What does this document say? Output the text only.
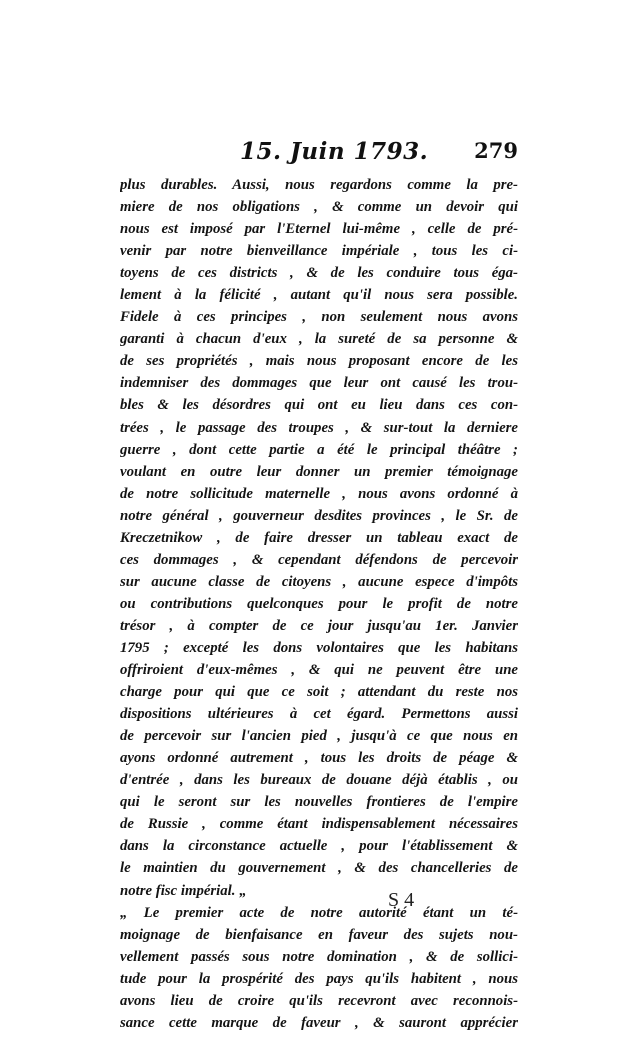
15. Juin 1793. 279
plus durables. Aussi, nous regardons comme la pre-
miere de nos obligations , & comme un devoir qui
nous est imposé par l'Eternel lui-même , celle de pré-
venir par notre bienveillance impériale , tous les ci-
toyens de ces districts , & de les conduire tous éga-
lement à la félicité , autant qu'il nous sera possible.
Fidele à ces principes , non seulement nous avons
garanti à chacun d'eux , la sureté de sa personne &
de ses propriétés , mais nous proposant encore de les
indemniser des dommages que leur ont causé les trou-
bles & les désordres qui ont eu lieu dans ces con-
trées , le passage des troupes , & sur-tout la derniere
guerre , dont cette partie a été le principal théâtre ;
voulant en outre leur donner un premier témoignage
de notre sollicitude maternelle , nous avons ordonné à
notre général , gouverneur desdites provinces , le Sr. de
Kreczetnikow , de faire dresser un tableau exact de
ces dommages , & cependant défendons de percevoir
sur aucune classe de citoyens , aucune espece d'impôts
ou contributions quelconques pour le profit de notre
trésor , à compter de ce jour jusqu'au 1er. Janvier
1795 ; excepté les dons volontaires que les habitans
offriroient d'eux-mêmes , & qui ne peuvent être une
charge pour qui que ce soit ; attendant du reste nos
dispositions ultérieures à cet égard. Permettons aussi
de percevoir sur l'ancien pied , jusqu'à ce que nous en
ayons ordonné autrement , tous les droits de péage &
d'entrée , dans les bureaux de douane déjà établis , ou
qui le seront sur les nouvelles frontieres de l'empire
de Russie , comme étant indispensablement nécessaires
dans la circonstance actuelle , pour l'établissement &
le maintien du gouvernement , & des chancelleries de
notre fisc impérial. „
„ Le premier acte de notre autorité étant un té-
moignage de bienfaisance en faveur des sujets nou-
vellement passés sous notre domination , & de sollici-
tude pour la prospérité des pays qu'ils habitent , nous
avons lieu de croire qu'ils recevront avec reconnois-
sance cette marque de faveur , & sauront apprécier
S 4
